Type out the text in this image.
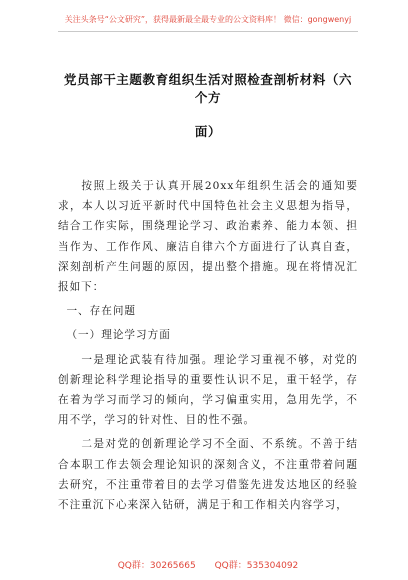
关注头条号“公文研究”，获得最新最全最专业的公文资料库！ 微信：gongwenyj
党员部干主题教育组织生活对照检查剖析材料（六个方
面）

按照上级关于认真开展20xx年组织生活会的通知要求，本人以习近平新时代中国特色社会主义思想为指导，结合工作实际，围绕理论学习、政治素养、能力本领、担当作为、工作作风、廉洁自律六个方面进行了认真自查，深刻剖析产生问题的原因，提出整个措施。现在将情况汇报如下：

一、存在问题

（一）理论学习方面

一是理论武装有待加强。理论学习重视不够，对党的创新理论科学理论指导的重要性认识不足，重干轻学，存在着为学习而学习的倾向，学习偏重实用，急用先学，不用不学，学习的针对性、目的性不强。

二是对党的创新理论学习不全面、不系统。不善于结合本职工作去领会理论知识的深刻含义，不注重带着问题去研究，不注重带着目的去学习借鉴先进发达地区的经验不注重沉下心来深入钻研，满足于和工作相关内容学习，

QQ群：30265665 QQ群：535304092
